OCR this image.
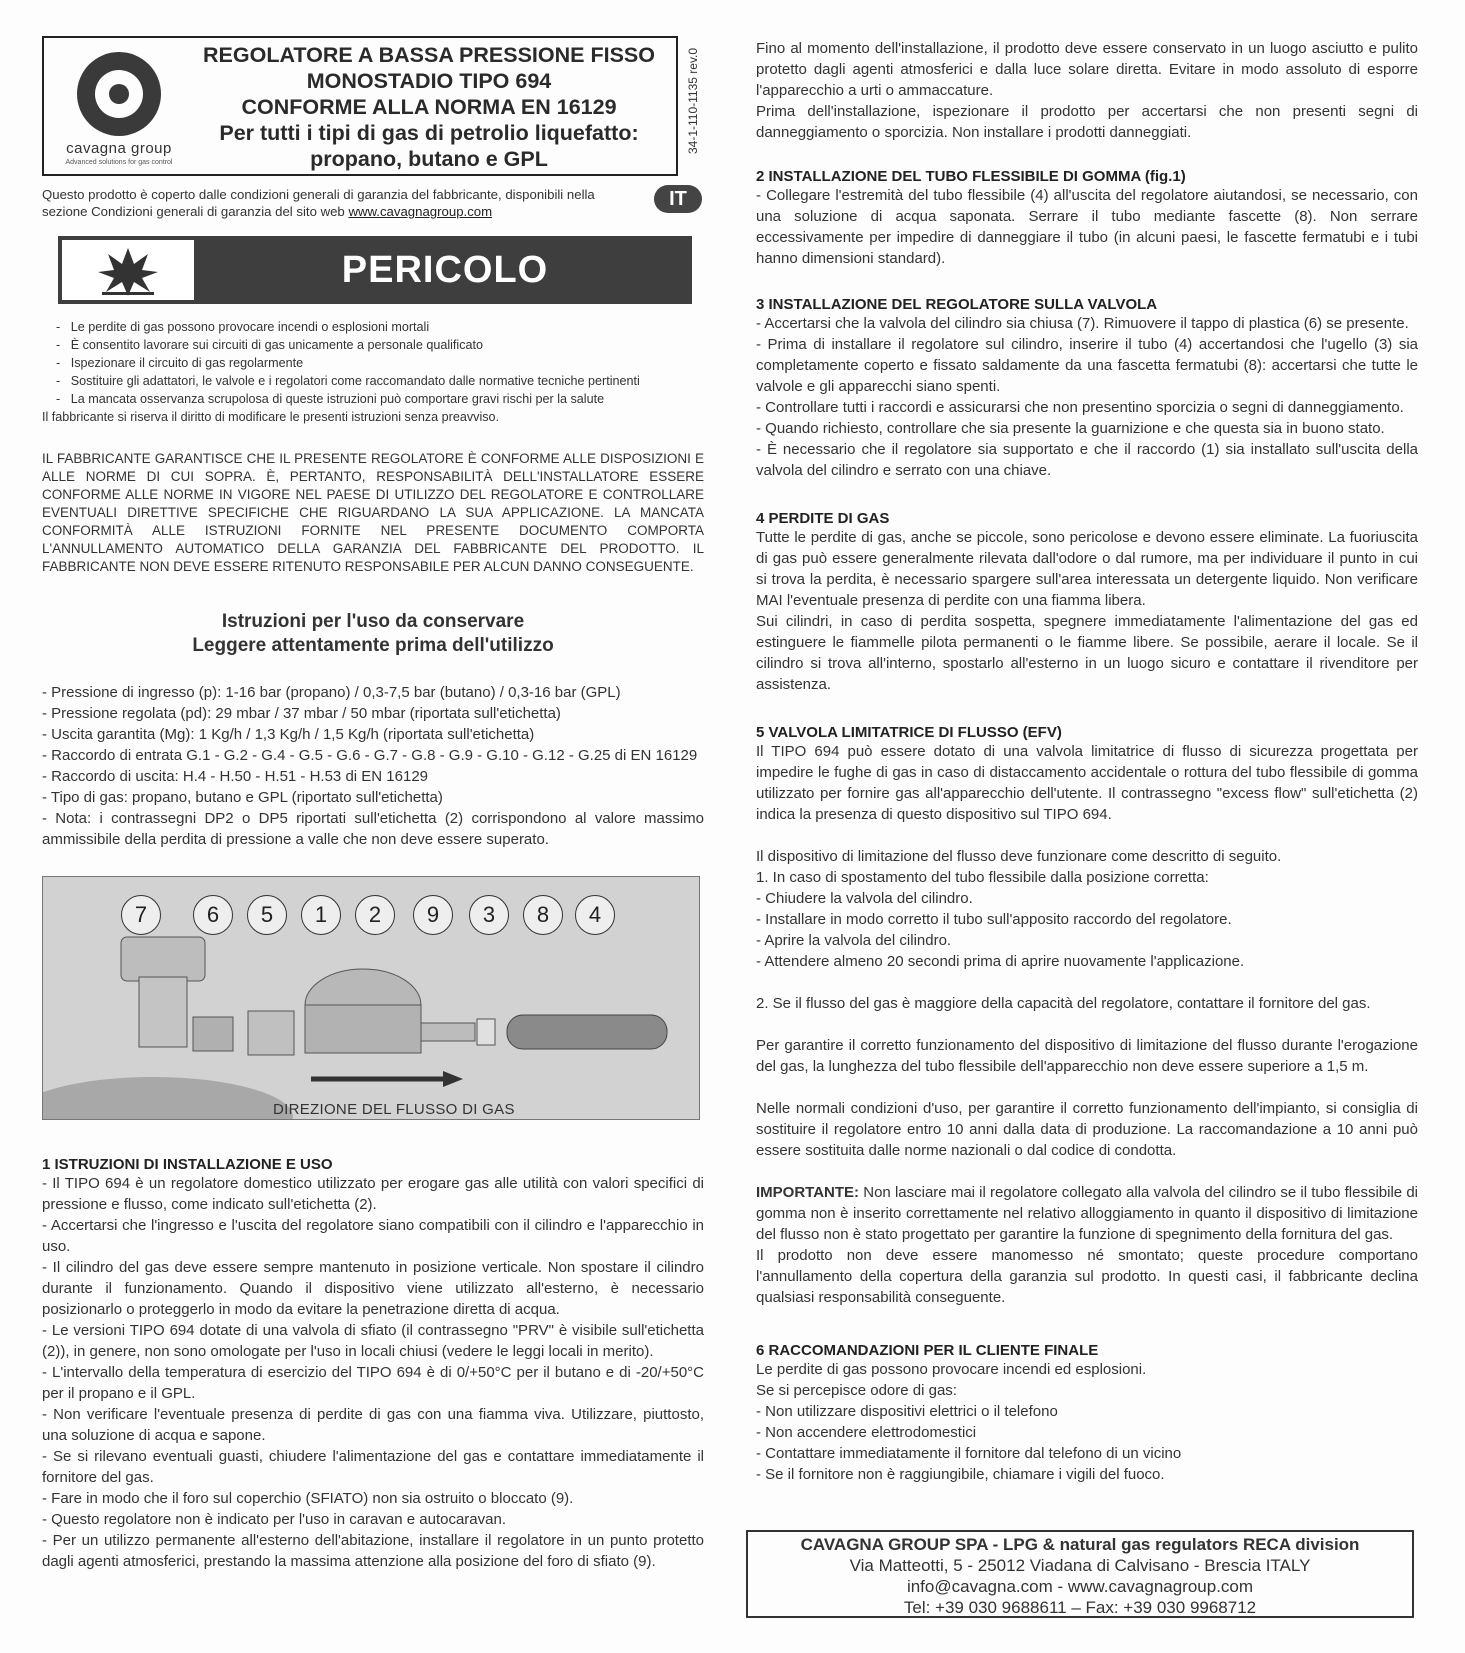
cavagna group
Advanced solutions for gas control
REGOLATORE A BASSA PRESSIONE FISSO
MONOSTADIO TIPO 694
CONFORME ALLA NORMA EN 16129
Per tutti i tipi di gas di petrolio liquefatto:
propano, butano e GPL
34-1-110-1135 rev.0
Questo prodotto è coperto dalle condizioni generali di garanzia del fabbricante, disponibili nella sezione Condizioni generali di garanzia del sito web www.cavagnagroup.com
IT
PERICOLO
-   Le perdite di gas possono provocare incendi o esplosioni mortali
-   È consentito lavorare sui circuiti di gas unicamente a personale qualificato
-   Ispezionare il circuito di gas regolarmente
-   Sostituire gli adattatori, le valvole e i regolatori come raccomandato dalle normative tecniche pertinenti
-   La mancata osservanza scrupolosa di queste istruzioni può comportare gravi rischi per la salute
Il fabbricante si riserva il diritto di modificare le presenti istruzioni senza preavviso.
IL FABBRICANTE GARANTISCE CHE IL PRESENTE REGOLATORE È CONFORME ALLE DISPOSIZIONI E ALLE NORME DI CUI SOPRA. È, PERTANTO, RESPONSABILITÀ DELL'INSTALLATORE ESSERE CONFORME ALLE NORME IN VIGORE NEL PAESE DI UTILIZZO DEL REGOLATORE E CONTROLLARE EVENTUALI DIRETTIVE SPECIFICHE CHE RIGUARDANO LA SUA APPLICAZIONE. LA MANCATA CONFORMITÀ ALLE ISTRUZIONI FORNITE NEL PRESENTE DOCUMENTO COMPORTA L'ANNULLAMENTO AUTOMATICO DELLA GARANZIA DEL FABBRICANTE DEL PRODOTTO. IL FABBRICANTE NON DEVE ESSERE RITENUTO RESPONSABILE PER ALCUN DANNO CONSEGUENTE.
Istruzioni per l'uso da conservare
Leggere attentamente prima dell'utilizzo
- Pressione di ingresso (p): 1-16 bar (propano) / 0,3-7,5 bar (butano) / 0,3-16 bar (GPL)
- Pressione regolata (pd): 29 mbar / 37 mbar / 50 mbar (riportata sull'etichetta)
- Uscita garantita (Mg): 1 Kg/h / 1,3 Kg/h / 1,5 Kg/h (riportata sull'etichetta)
- Raccordo di entrata G.1 - G.2 - G.4 - G.5 - G.6 - G.7 - G.8 - G.9 - G.10 - G.12 - G.25 di EN 16129
- Raccordo di uscita: H.4 - H.50 - H.51 - H.53 di EN 16129
- Tipo di gas: propano, butano e GPL (riportato sull'etichetta)
- Nota: i contrassegni DP2 o DP5 riportati sull'etichetta (2) corrispondono al valore massimo ammissibile della perdita di pressione a valle che non deve essere superato.
7	6	5	1	2	9	3	8	4
DIREZIONE DEL FLUSSO DI GAS

1 ISTRUZIONI DI INSTALLAZIONE E USO

- Il TIPO 694 è un regolatore domestico utilizzato per erogare gas alle utilità con valori specifici di pressione e flusso, come indicato sull'etichetta (2).

- Accertarsi che l'ingresso e l'uscita del regolatore siano compatibili con il cilindro e l'apparecchio in uso.

- Il cilindro del gas deve essere sempre mantenuto in posizione verticale. Non spostare il cilindro durante il funzionamento. Quando il dispositivo viene utilizzato all'esterno, è necessario posizionarlo o proteggerlo in modo da evitare la penetrazione diretta di acqua.

- Le versioni TIPO 694 dotate di una valvola di sfiato (il contrassegno "PRV" è visibile sull'etichetta (2)), in genere, non sono omologate per l'uso in locali chiusi (vedere le leggi locali in merito).

- L'intervallo della temperatura di esercizio del TIPO 694 è di 0/+50°C per il butano e di -20/+50°C per il propano e il GPL.

- Non verificare l'eventuale presenza di perdite di gas con una fiamma viva. Utilizzare, piuttosto, una soluzione di acqua e sapone.

- Se si rilevano eventuali guasti, chiudere l'alimentazione del gas e contattare immediatamente il fornitore del gas.

- Fare in modo che il foro sul coperchio (SFIATO) non sia ostruito o bloccato (9).

- Questo regolatore non è indicato per l'uso in caravan e autocaravan.

- Per un utilizzo permanente all'esterno dell'abitazione, installare il regolatore in un punto protetto dagli agenti atmosferici, prestando la massima attenzione alla posizione del foro di sfiato (9).

Fino al momento dell'installazione, il prodotto deve essere conservato in un luogo asciutto e pulito protetto dagli agenti atmosferici e dalla luce solare diretta. Evitare in modo assoluto di esporre l'apparecchio a urti o ammaccature.

Prima dell'installazione, ispezionare il prodotto per accertarsi che non presenti segni di danneggiamento o sporcizia. Non installare i prodotti danneggiati.

2 INSTALLAZIONE DEL TUBO FLESSIBILE DI GOMMA (fig.1)

- Collegare l'estremità del tubo flessibile (4) all'uscita del regolatore aiutandosi, se necessario, con una soluzione di acqua saponata. Serrare il tubo mediante fascette (8). Non serrare eccessivamente per impedire di danneggiare il tubo (in alcuni paesi, le fascette fermatubi e i tubi hanno dimensioni standard).

3 INSTALLAZIONE DEL REGOLATORE SULLA VALVOLA

- Accertarsi che la valvola del cilindro sia chiusa (7). Rimuovere il tappo di plastica (6) se presente.

- Prima di installare il regolatore sul cilindro, inserire il tubo (4) accertandosi che l'ugello (3) sia completamente coperto e fissato saldamente da una fascetta fermatubi (8): accertarsi che tutte le valvole e gli apparecchi siano spenti.

- Controllare tutti i raccordi e assicurarsi che non presentino sporcizia o segni di danneggiamento.

- Quando richiesto, controllare che sia presente la guarnizione e che questa sia in buono stato.

- È necessario che il regolatore sia supportato e che il raccordo (1) sia installato sull'uscita della valvola del cilindro e serrato con una chiave.

4 PERDITE DI GAS

Tutte le perdite di gas, anche se piccole, sono pericolose e devono essere eliminate. La fuoriuscita di gas può essere generalmente rilevata dall'odore o dal rumore, ma per individuare il punto in cui si trova la perdita, è necessario spargere sull'area interessata un detergente liquido. Non verificare MAI l'eventuale presenza di perdite con una fiamma libera.

Sui cilindri, in caso di perdita sospetta, spegnere immediatamente l'alimentazione del gas ed estinguere le fiammelle pilota permanenti o le fiamme libere. Se possibile, aerare il locale. Se il cilindro si trova all'interno, spostarlo all'esterno in un luogo sicuro e contattare il rivenditore per assistenza.

5 VALVOLA LIMITATRICE DI FLUSSO (EFV)

Il TIPO 694 può essere dotato di una valvola limitatrice di flusso di sicurezza progettata per impedire le fughe di gas in caso di distaccamento accidentale o rottura del tubo flessibile di gomma utilizzato per fornire gas all'apparecchio dell'utente. Il contrassegno "excess flow" sull'etichetta (2) indica la presenza di questo dispositivo sul TIPO 694.

Il dispositivo di limitazione del flusso deve funzionare come descritto di seguito.

1. In caso di spostamento del tubo flessibile dalla posizione corretta:

- Chiudere la valvola del cilindro.

- Installare in modo corretto il tubo sull'apposito raccordo del regolatore.

- Aprire la valvola del cilindro.

- Attendere almeno 20 secondi prima di aprire nuovamente l'applicazione.

2. Se il flusso del gas è maggiore della capacità del regolatore, contattare il fornitore del gas.

Per garantire il corretto funzionamento del dispositivo di limitazione del flusso durante l'erogazione del gas, la lunghezza del tubo flessibile dell'apparecchio non deve essere superiore a 1,5 m.

Nelle normali condizioni d'uso, per garantire il corretto funzionamento dell'impianto, si consiglia di sostituire il regolatore entro 10 anni dalla data di produzione. La raccomandazione a 10 anni può essere sostituita dalle norme nazionali o dal codice di condotta.

IMPORTANTE: Non lasciare mai il regolatore collegato alla valvola del cilindro se il tubo flessibile di gomma non è inserito correttamente nel relativo alloggiamento in quanto il dispositivo di limitazione del flusso non è stato progettato per garantire la funzione di spegnimento della fornitura del gas.

Il prodotto non deve essere manomesso né smontato; queste procedure comportano l'annullamento della copertura della garanzia sul prodotto. In questi casi, il fabbricante declina qualsiasi responsabilità conseguente.

6 RACCOMANDAZIONI PER IL CLIENTE FINALE

Le perdite di gas possono provocare incendi ed esplosioni.

Se si percepisce odore di gas:

- Non utilizzare dispositivi elettrici o il telefono

- Non accendere elettrodomestici

- Contattare immediatamente il fornitore dal telefono di un vicino

- Se il fornitore non è raggiungibile, chiamare i vigili del fuoco.

CAVAGNA GROUP SPA - LPG & natural gas regulators RECA division
Via Matteotti, 5 - 25012 Viadana di Calvisano - Brescia ITALY
info@cavagna.com - www.cavagnagroup.com
Tel: +39 030 9688611 – Fax: +39 030 9968712
